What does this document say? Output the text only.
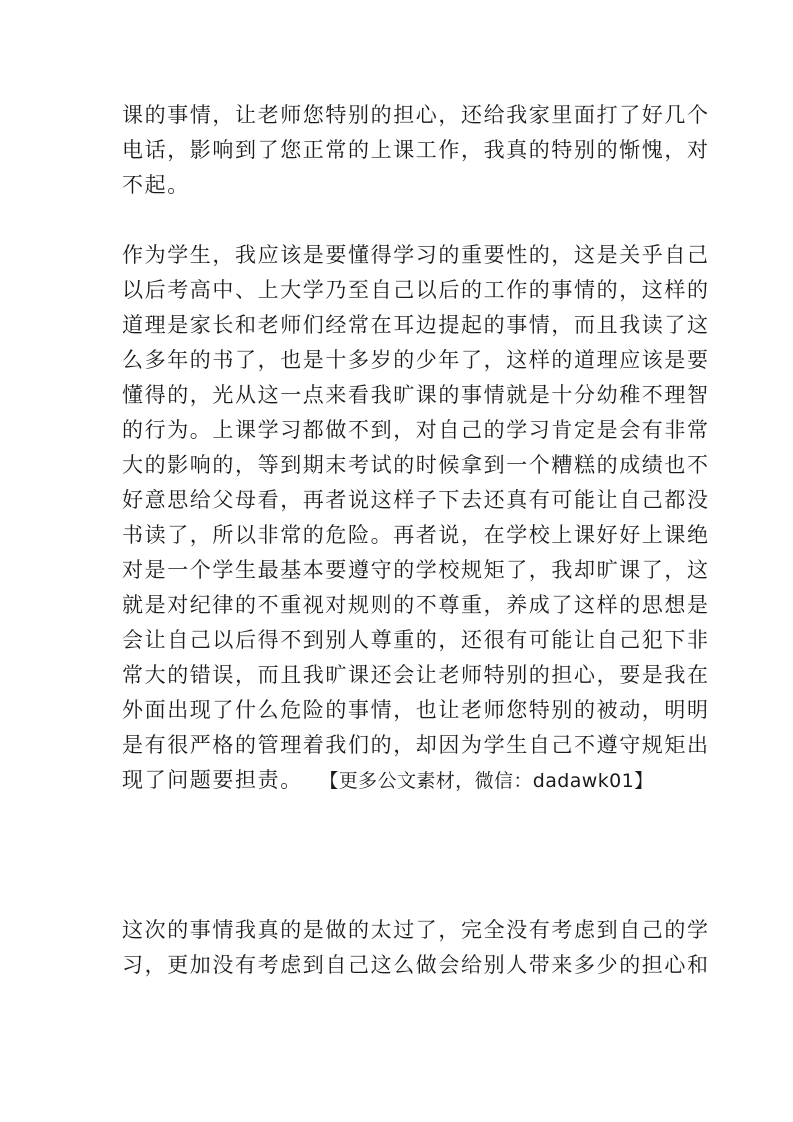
课的事情，让老师您特别的担心，还给我家里面打了好几个
电话，影响到了您正常的上课工作，我真的特别的惭愧，对
不起。
作为学生，我应该是要懂得学习的重要性的，这是关乎自己
以后考高中、上大学乃至自己以后的工作的事情的，这样的
道理是家长和老师们经常在耳边提起的事情，而且我读了这
么多年的书了，也是十多岁的少年了，这样的道理应该是要
懂得的，光从这一点来看我旷课的事情就是十分幼稚不理智
的行为。上课学习都做不到，对自己的学习肯定是会有非常
大的影响的，等到期末考试的时候拿到一个糟糕的成绩也不
好意思给父母看，再者说这样子下去还真有可能让自己都没
书读了，所以非常的危险。再者说，在学校上课好好上课绝
对是一个学生最基本要遵守的学校规矩了，我却旷课了，这
就是对纪律的不重视对规则的不尊重，养成了这样的思想是
会让自己以后得不到别人尊重的，还很有可能让自己犯下非
常大的错误，而且我旷课还会让老师特别的担心，要是我在
外面出现了什么危险的事情，也让老师您特别的被动，明明
是有很严格的管理着我们的，却因为学生自己不遵守规矩出
现了问题要担责。 【更多公文素材，微信：dadawk01】
这次的事情我真的是做的太过了，完全没有考虑到自己的学
习，更加没有考虑到自己这么做会给别人带来多少的担心和
